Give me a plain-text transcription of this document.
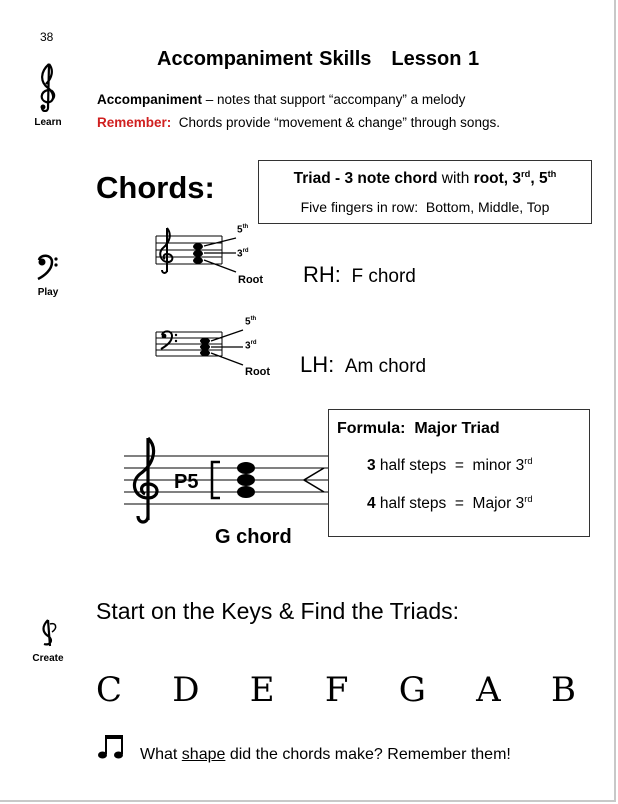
38
Accompaniment Skills Lesson 1
Accompaniment – notes that support “accompany” a melody
Remember:  Chords provide “movement & change” through songs.
Learn
Play
Create
Chords:	Triad - 3 note chord with root, 3rd, 5th
Five fingers in row:  Bottom, Middle, Top
5th
3rd
Root RH: F chord
5th
3rd
Root LH: Am chord
P5
Formula:  Major Triad
3 half steps  =  minor 3rd
4 half steps  =  Major 3rd
G chord
Start on the Keys & Find the Triads:
C D E F G A B
What shape did the chords make? Remember them!
